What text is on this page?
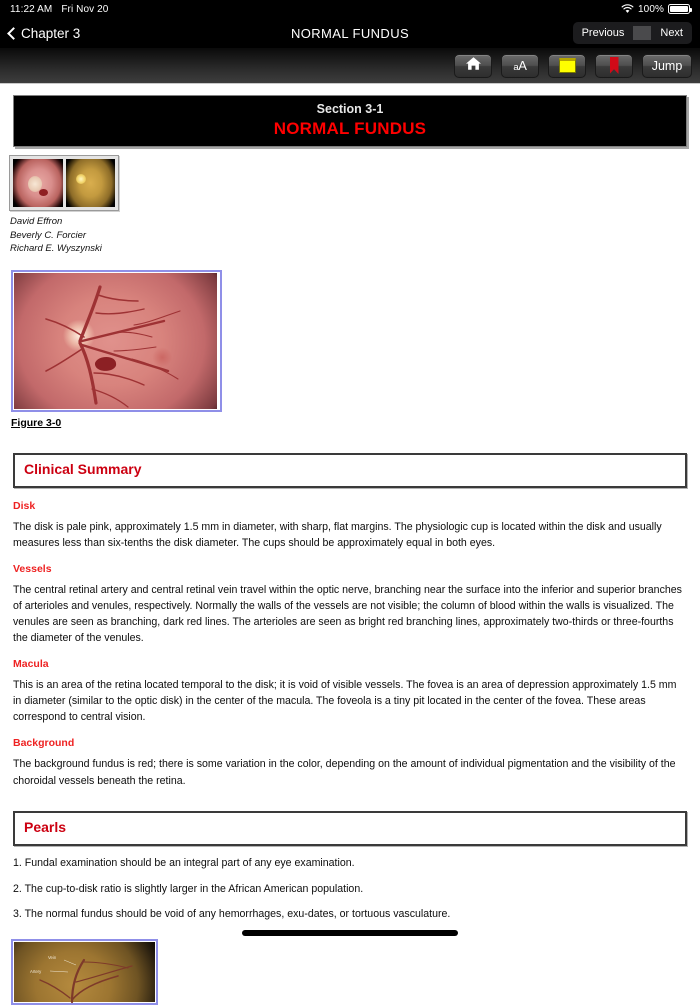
11:22 AM Fri Nov 20	100%
Chapter 3	NORMAL FUNDUS	Previous	Next
aA	Jump
Section 3-1
NORMAL FUNDUS
David Effron
Beverly C. Forcier
Richard E. Wyszynski
Figure 3-0
Clinical Summary
Disk
The disk is pale pink, approximately 1.5 mm in diameter, with sharp, flat margins. The physiologic cup is located within the disk and usually measures less than six-tenths the disk diameter. The cups should be approximately equal in both eyes.
Vessels
The central retinal artery and central retinal vein travel within the optic nerve, branching near the surface into the inferior and superior branches of arterioles and venules, respectively. Normally the walls of the vessels are not visible; the column of blood within the walls is visualized. The venules are seen as branching, dark red lines. The arterioles are seen as bright red branching lines, approximately two-thirds or three-fourths the diameter of the venules.
Macula
This is an area of the retina located temporal to the disk; it is void of visible vessels. The fovea is an area of depression approximately 1.5 mm in diameter (similar to the optic disk) in the center of the macula. The foveola is a tiny pit located in the center of the fovea. These areas correspond to central vision.
Background
The background fundus is red; there is some variation in the color, depending on the amount of individual pigmentation and the visibility of the choroidal vessels beneath the retina.
Pearls
1. Fundal examination should be an integral part of any eye examination.
2. The cup-to-disk ratio is slightly larger in the African American population.
3. The normal fundus should be void of any hemorrhages, exu-dates, or tortuous vasculature.
Vein
Artery
